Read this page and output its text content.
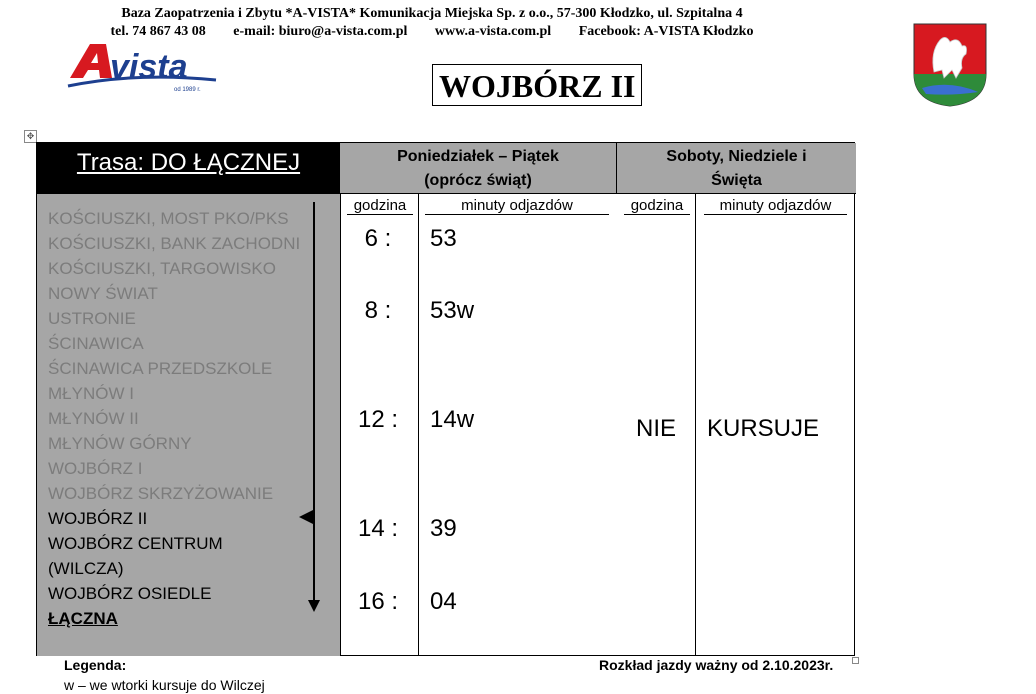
Baza Zaopatrzenia i Zbytu *A-VISTA* Komunikacja Miejska Sp. z o.o., 57-300 Kłodzko, ul. Szpitalna 4
tel. 74 867 43 08 e-mail: biuro@a-vista.com.pl www.a-vista.com.pl Facebook: A-VISTA Kłodzko
vista
od 1989 r.	WOJBÓRZ II
✥
Trasa: DO ŁĄCZNEJ
KOŚCIUSZKI, MOST PKO/PKS
KOŚCIUSZKI, BANK ZACHODNI
KOŚCIUSZKI, TARGOWISKO
NOWY ŚWIAT
USTRONIE
ŚCINAWICA
ŚCINAWICA PRZEDSZKOLE
MŁYNÓW I
MŁYNÓW II
MŁYNÓW GÓRNY
WOJBÓRZ I
WOJBÓRZ SKRZYŻOWANIE
WOJBÓRZ II
WOJBÓRZ CENTRUM
(WILCZA)
WOJBÓRZ OSIEDLE
ŁĄCZNA
Poniedziałek – Piątek
(oprócz świąt)
Soboty, Niedziele i
Święta
godzina	minuty odjazdów	godzina	minuty odjazdów
6 :	53
8 :	53w
12 :	14w
14 :	39
16 :	04
NIE KURSUJE
Legenda:
w – we wtorki kursuje do Wilczej
Rozkład jazdy ważny od 2.10.2023r.
